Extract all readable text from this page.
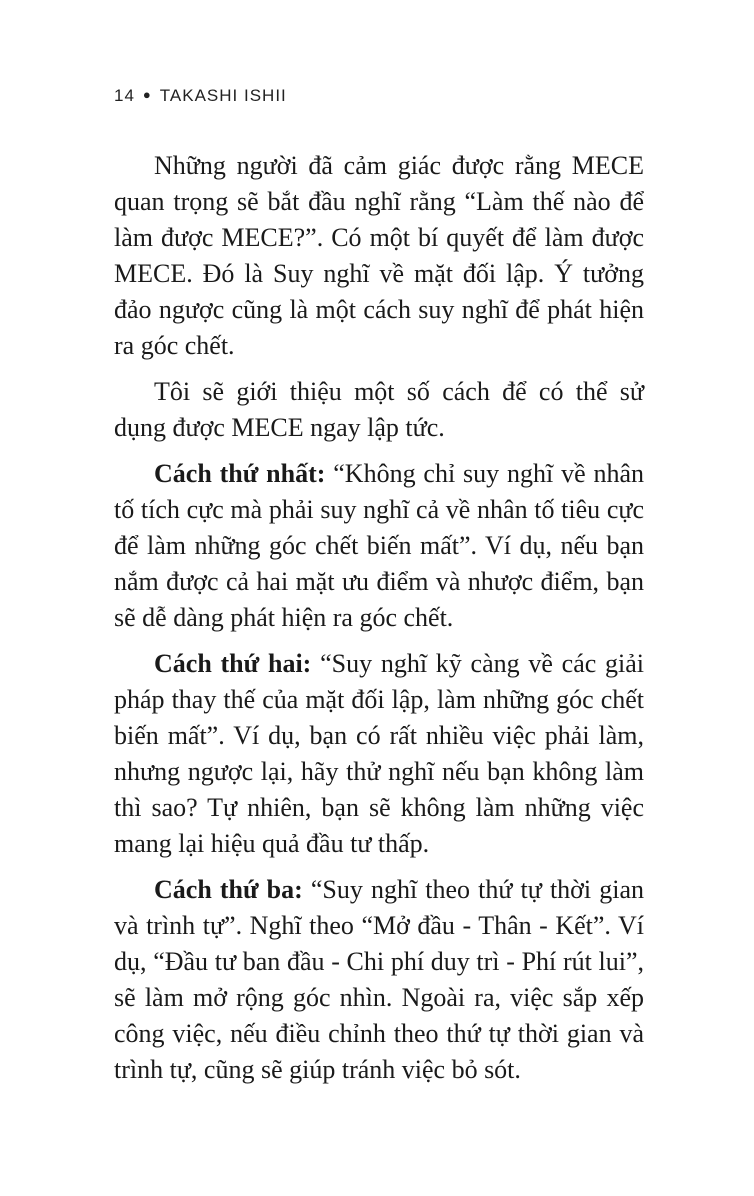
14 ● TAKASHI ISHII

Những người đã cảm giác được rằng MECE quan trọng sẽ bắt đầu nghĩ rằng “Làm thế nào để làm được MECE?”. Có một bí quyết để làm được MECE. Đó là Suy nghĩ về mặt đối lập. Ý tưởng đảo ngược cũng là một cách suy nghĩ để phát hiện ra góc chết.

Tôi sẽ giới thiệu một số cách để có thể sử dụng được MECE ngay lập tức.

Cách thứ nhất: “Không chỉ suy nghĩ về nhân tố tích cực mà phải suy nghĩ cả về nhân tố tiêu cực để làm những góc chết biến mất”. Ví dụ, nếu bạn nắm được cả hai mặt ưu điểm và nhược điểm, bạn sẽ dễ dàng phát hiện ra góc chết.

Cách thứ hai: “Suy nghĩ kỹ càng về các giải pháp thay thế của mặt đối lập, làm những góc chết biến mất”. Ví dụ, bạn có rất nhiều việc phải làm, nhưng ngược lại, hãy thử nghĩ nếu bạn không làm thì sao? Tự nhiên, bạn sẽ không làm những việc mang lại hiệu quả đầu tư thấp.

Cách thứ ba: “Suy nghĩ theo thứ tự thời gian và trình tự”. Nghĩ theo “Mở đầu - Thân - Kết”. Ví dụ, “Đầu tư ban đầu - Chi phí duy trì - Phí rút lui”, sẽ làm mở rộng góc nhìn. Ngoài ra, việc sắp xếp công việc, nếu điều chỉnh theo thứ tự thời gian và trình tự, cũng sẽ giúp tránh việc bỏ sót.
